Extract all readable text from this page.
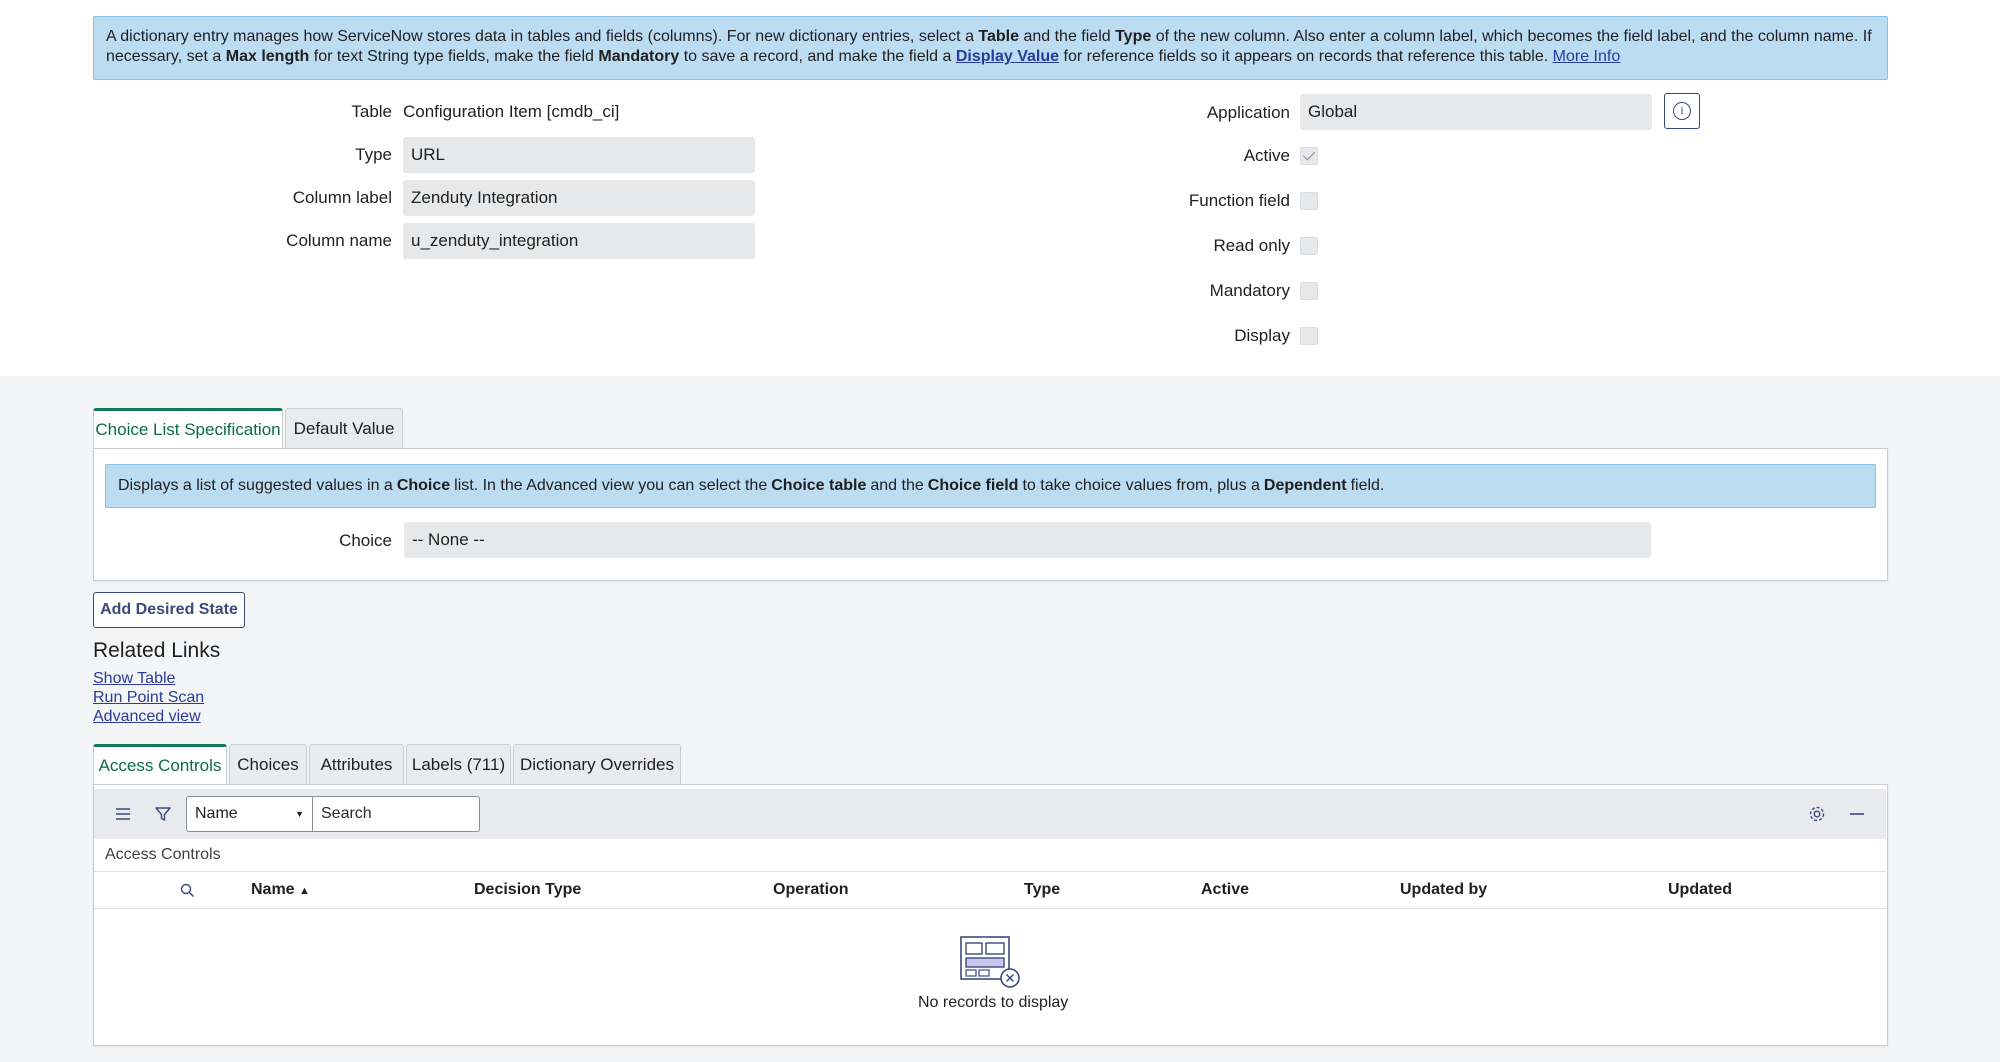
A dictionary entry manages how ServiceNow stores data in tables and fields (columns). For new dictionary entries, select a Table and the field Type of the new column. Also enter a column label, which becomes the field label, and the column name. If necessary, set a Max length for text String type fields, make the field Mandatory to save a record, and make the field a Display Value for reference fields so it appears on records that reference this table. More Info
Table Configuration Item [cmdb_ci]
Type URL
Column label Zenduty Integration
Column name u_zenduty_integration
Application Global	i
Active
Function field
Read only
Mandatory
Display
Choice List Specification Default Value
Displays a list of suggested values in a Choice list. In the Advanced view you can select the Choice table and the Choice field to take choice values from, plus a Dependent field.
Choice -- None --
Add Desired State
Related Links
Show Table
Run Point Scan
Advanced view
Access Controls Choices	Attributes	Labels (711) Dictionary Overrides
Name	▼ Search
Access Controls
Name ▲	Decision Type	Operation	Type	Active	Updated by	Updated
No records to display
